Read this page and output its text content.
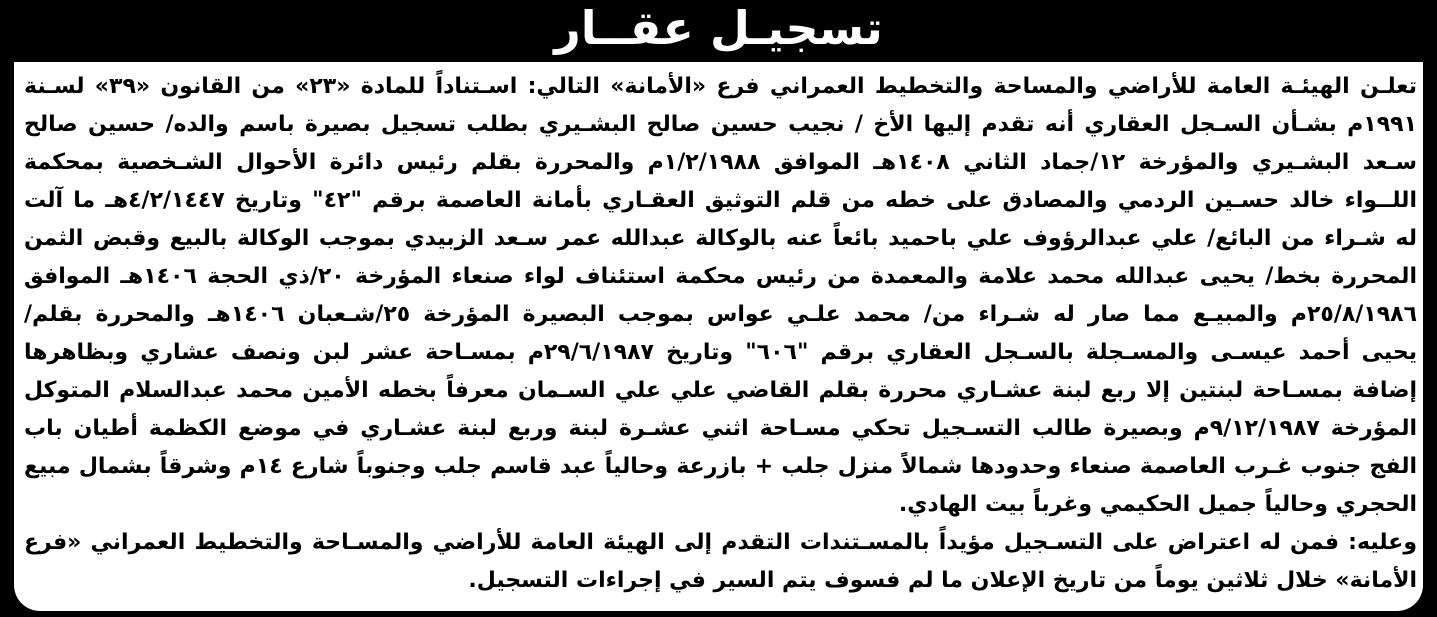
تسجيـل عقــار
تعلـن الهيئـة العامة للأراضي والمساحة والتخطيط العمراني فرع «الأمانة» التالي: اسـتناداً للمادة «٢٣» من القانون «٣٩» لسـنة
١٩٩١م بشـأن السـجل العقاري أنه تقدم إليها الأخ / نجيب حسين صالح البشـيري بطلب تسجيل بصيرة باسم والده/ حسين صالح
سـعد البشـيري والمؤرخة ١٢/جماد الثاني ١٤٠٨هـ الموافق ١/٢/١٩٨٨م والمحررة بقلم رئيس دائرة الأحوال الشـخصية بمحكمة
اللــواء خالد حسـين الردمي والمصادق على خطه من قلم التوثيق العقـاري بأمانة العاصمة برقم "٤٢" وتاريخ ٤/٢/١٤٤٧هـ ما آلت
له شـراء من البائع/ علي عبدالرؤوف علي باحميد بائعاً عنه بالوكالة عبدالله عمر سـعد الزبيدي بموجب الوكالة بالبيع وقبض الثمن
المحررة بخط/ يحيى عبدالله محمد علامة والمعمدة من رئيس محكمة استئناف لواء صنعاء المؤرخة ٢٠/ذي الحجة ١٤٠٦هـ الموافق
٢٥/٨/١٩٨٦م والمبيـع مما صار له شـراء من/ محمد علـي عواس بموجب البصيرة المؤرخة ٢٥/شـعبان ١٤٠٦هـ والمحررة بقلم/
يحيى أحمد عيسـى والمسـجلة بالسـجل العقاري برقم "٦٠٦" وتاريخ ٢٩/٦/١٩٨٧م بمسـاحة عشر لبن ونصف عشاري وبظاهرها
إضافة بمسـاحة لبنتين إلا ربع لبنة عشـاري محررة بقلم القاضي علي علي السـمان معرفاً بخطه الأمين محمد عبدالسلام المتوكل
المؤرخة ٩/١٢/١٩٨٧م وبصيرة طالب التسـجيل تحكي مسـاحة اثني عشـرة لبنة وربع لبنة عشـاري في موضع الكظمة أطيان باب
الفج جنوب غـرب العاصمة صنعاء وحدودها شمالاً منزل جلب + بازرعة وحالياً عبد قاسم جلب وجنوباً شارع ١٤م وشرقاً بشمال مبيع
الحجري وحالياً جميل الحكيمي وغرباً بيت الهادي.
وعليه: فمن له اعتراض على التسـجيل مؤيداً بالمسـتندات التقدم إلى الهيئة العامة للأراضي والمسـاحة والتخطيط العمراني «فرع
الأمانة» خلال ثلاثين يوماً من تاريخ الإعلان ما لم فسوف يتم السير في إجراءات التسجيل.
